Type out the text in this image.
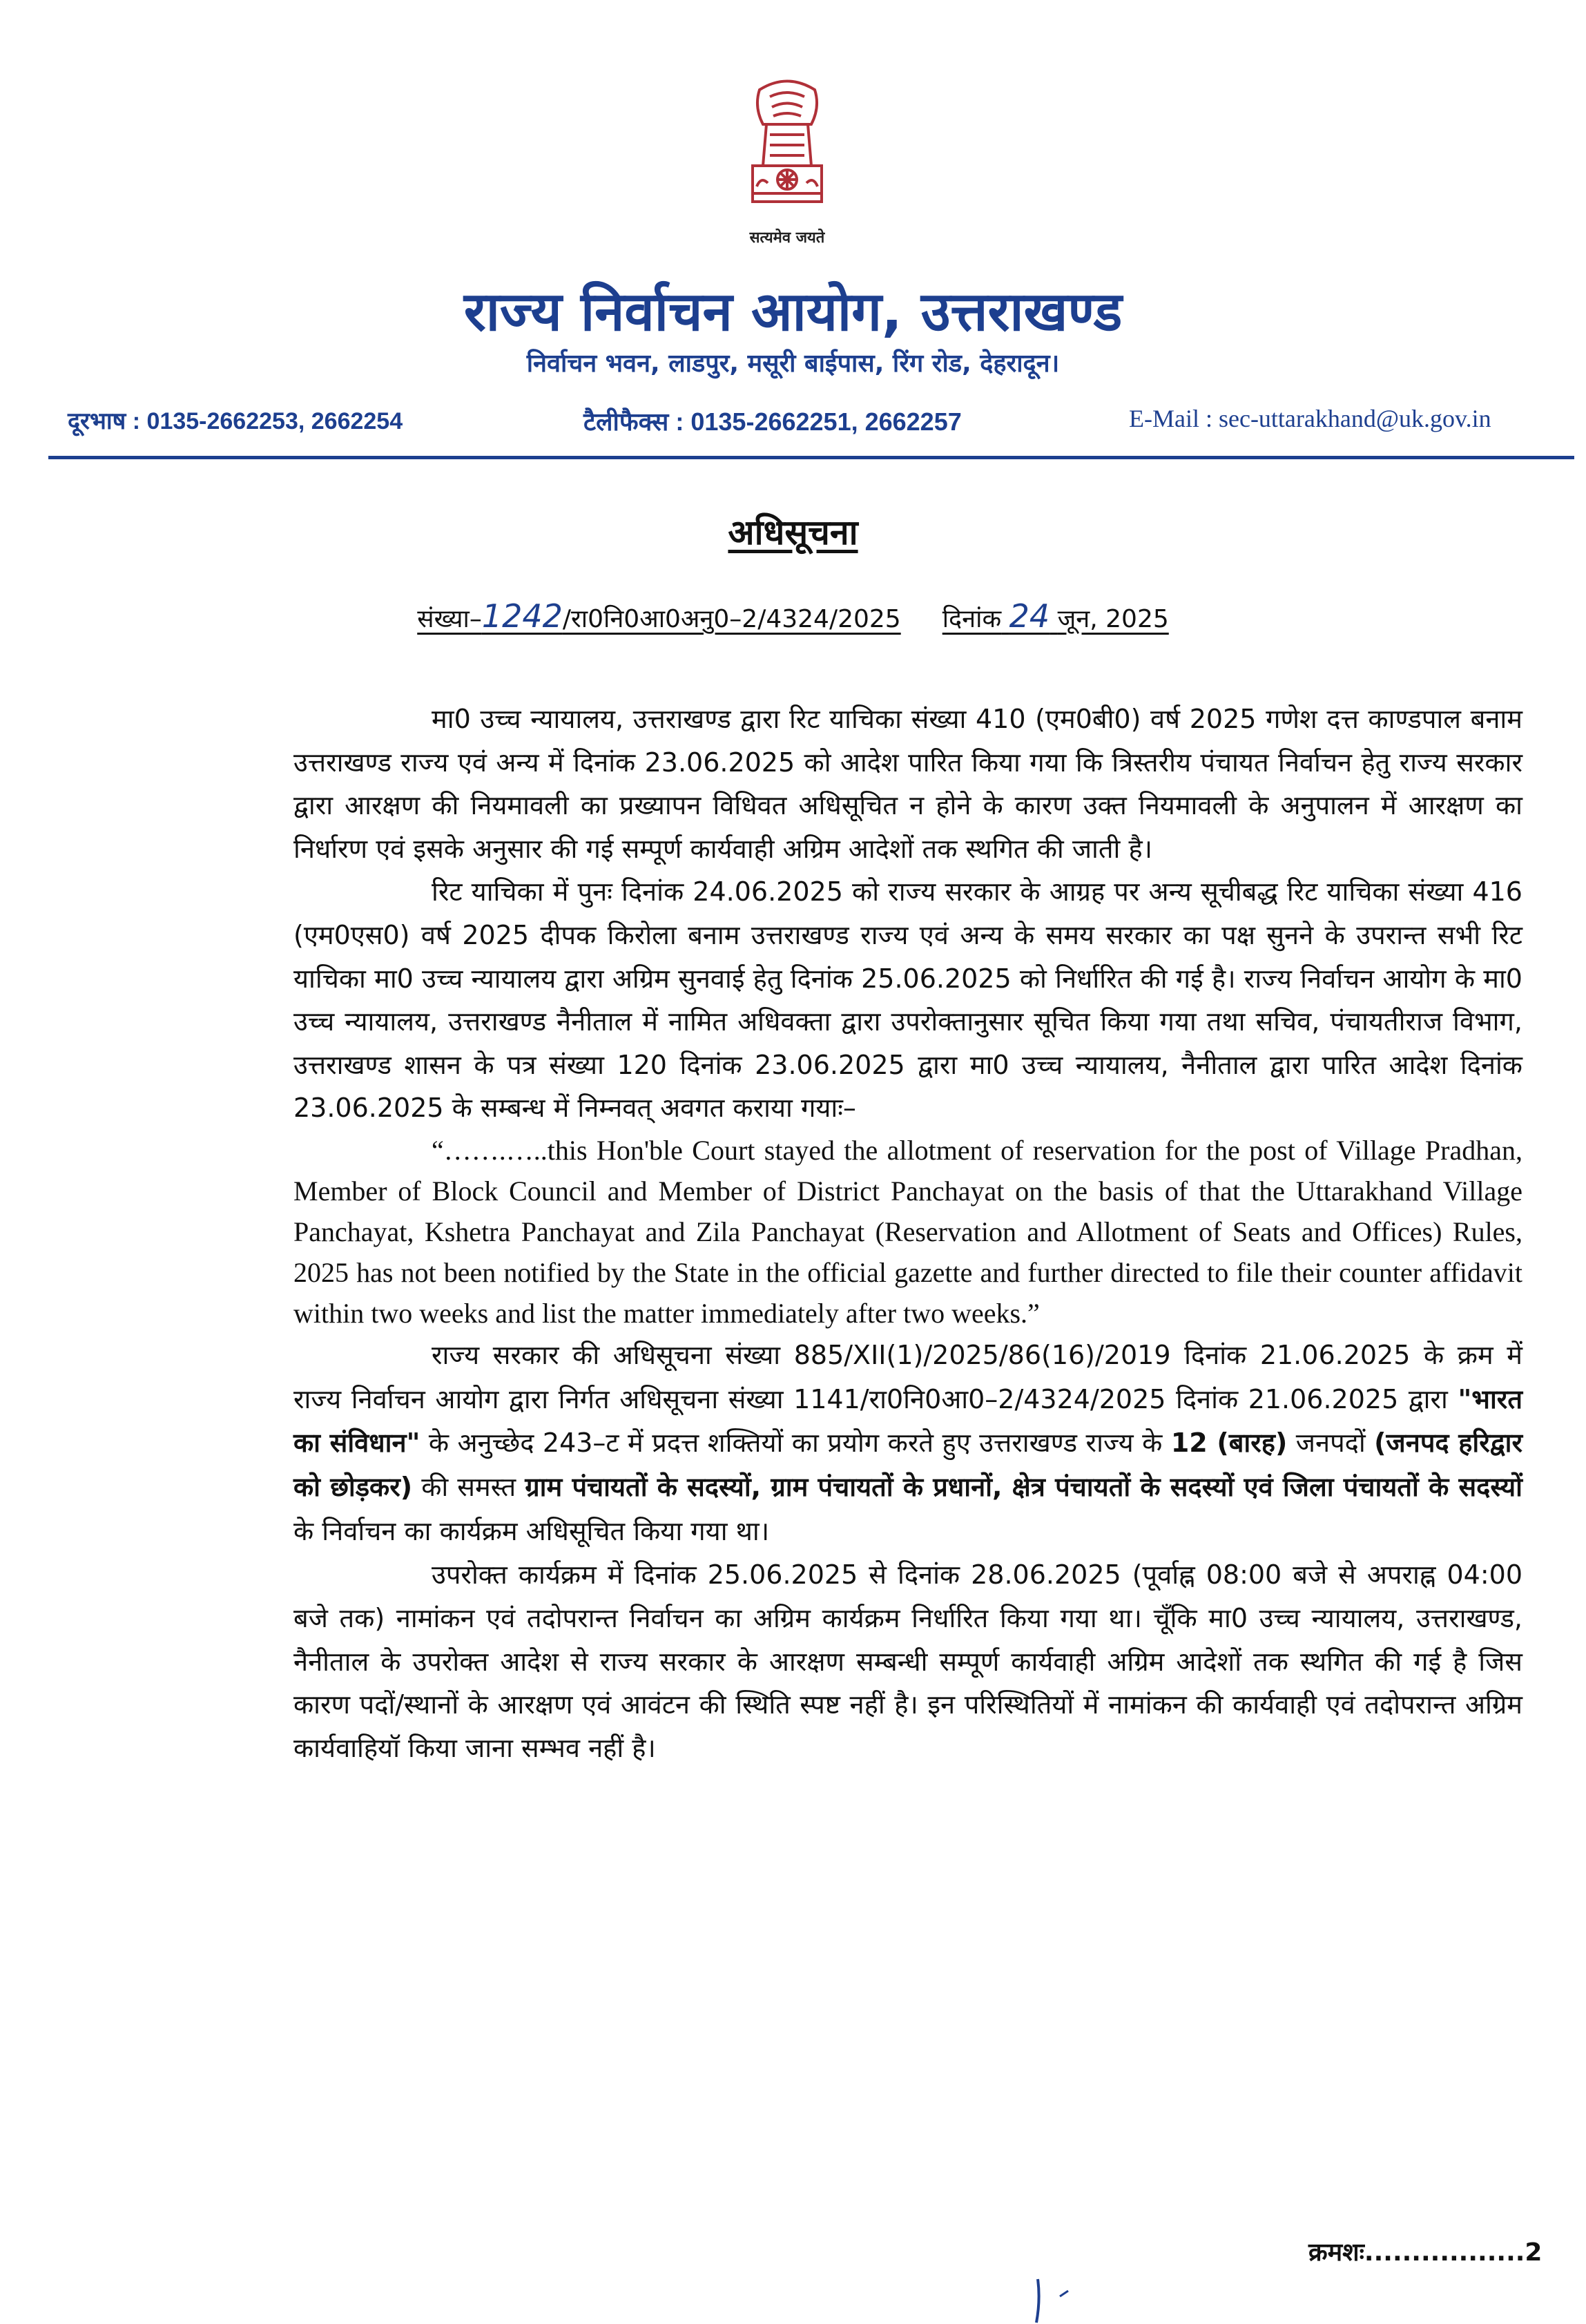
सत्यमेव जयते
राज्य निर्वाचन आयोग, उत्तराखण्ड
निर्वाचन भवन, लाडपुर, मसूरी बाईपास, रिंग रोड, देहरादून।
दूरभाष : 0135-2662253, 2662254	टैलीफैक्स : 0135-2662251, 2662257	E-Mail : sec-uttarakhand@uk.gov.in
अधिसूचना
संख्या–1242/रा0नि0आ0अनु0–2/4324/2025 दिनांक 24 जून, 2025

मा0 उच्च न्यायालय, उत्तराखण्ड द्वारा रिट याचिका संख्या 410 (एम0बी0) वर्ष 2025 गणेश दत्त काण्डपाल बनाम उत्तराखण्ड राज्य एवं अन्य में दिनांक 23.06.2025 को आदेश पारित किया गया कि त्रिस्तरीय पंचायत निर्वाचन हेतु राज्य सरकार द्वारा आरक्षण की नियमावली का प्रख्यापन विधिवत अधिसूचित न होने के कारण उक्त नियमावली के अनुपालन में आरक्षण का निर्धारण एवं इसके अनुसार की गई सम्पूर्ण कार्यवाही अग्रिम आदेशों तक स्थगित की जाती है।

रिट याचिका में पुनः दिनांक 24.06.2025 को राज्य सरकार के आग्रह पर अन्य सूचीबद्ध रिट याचिका संख्या 416 (एम0एस0) वर्ष 2025 दीपक किरोला बनाम उत्तराखण्ड राज्य एवं अन्य के समय सरकार का पक्ष सुनने के उपरान्त सभी रिट याचिका मा0 उच्च न्यायालय द्वारा अग्रिम सुनवाई हेतु दिनांक 25.06.2025 को निर्धारित की गई है। राज्य निर्वाचन आयोग के मा0 उच्च न्यायालय, उत्तराखण्ड नैनीताल में नामित अधिवक्ता द्वारा उपरोक्तानुसार सूचित किया गया तथा सचिव, पंचायतीराज विभाग, उत्तराखण्ड शासन के पत्र संख्या 120 दिनांक 23.06.2025 द्वारा मा0 उच्च न्यायालय, नैनीताल द्वारा पारित आदेश दिनांक 23.06.2025 के सम्बन्ध में निम्नवत् अवगत कराया गयाः–

“…….…..this Hon'ble Court stayed the allotment of reservation for the post of Village Pradhan, Member of Block Council and Member of District Panchayat on the basis of that the Uttarakhand Village Panchayat, Kshetra Panchayat and Zila Panchayat (Reservation and Allotment of Seats and Offices) Rules, 2025 has not been notified by the State in the official gazette and further directed to file their counter affidavit within two weeks and list the matter immediately after two weeks.”

राज्य सरकार की अधिसूचना संख्या 885/XII(1)/2025/86(16)/2019 दिनांक 21.06.2025 के क्रम में राज्य निर्वाचन आयोग द्वारा निर्गत अधिसूचना संख्या 1141/रा0नि0आ0–2/4324/2025 दिनांक 21.06.2025 द्वारा "भारत का संविधान" के अनुच्छेद 243–ट में प्रदत्त शक्तियों का प्रयोग करते हुए उत्तराखण्ड राज्य के 12 (बारह) जनपदों (जनपद हरिद्वार को छोड़कर) की समस्त ग्राम पंचायतों के सदस्यों, ग्राम पंचायतों के प्रधानों, क्षेत्र पंचायतों के सदस्यों एवं जिला पंचायतों के सदस्यों के निर्वाचन का कार्यक्रम अधिसूचित किया गया था।

उपरोक्त कार्यक्रम में दिनांक 25.06.2025 से दिनांक 28.06.2025 (पूर्वाह्न 08:00 बजे से अपराह्न 04:00 बजे तक) नामांकन एवं तदोपरान्त निर्वाचन का अग्रिम कार्यक्रम निर्धारित किया गया था। चूँकि मा0 उच्च न्यायालय, उत्तराखण्ड, नैनीताल के उपरोक्त आदेश से राज्य सरकार के आरक्षण सम्बन्धी सम्पूर्ण कार्यवाही अग्रिम आदेशों तक स्थगित की गई है जिस कारण पदों/स्थानों के आरक्षण एवं आवंटन की स्थिति स्पष्ट नहीं है। इन परिस्थितियों में नामांकन की कार्यवाही एवं तदोपरान्त अग्रिम कार्यवाहियॉ किया जाना सम्भव नहीं है।

क्रमशः.................2
